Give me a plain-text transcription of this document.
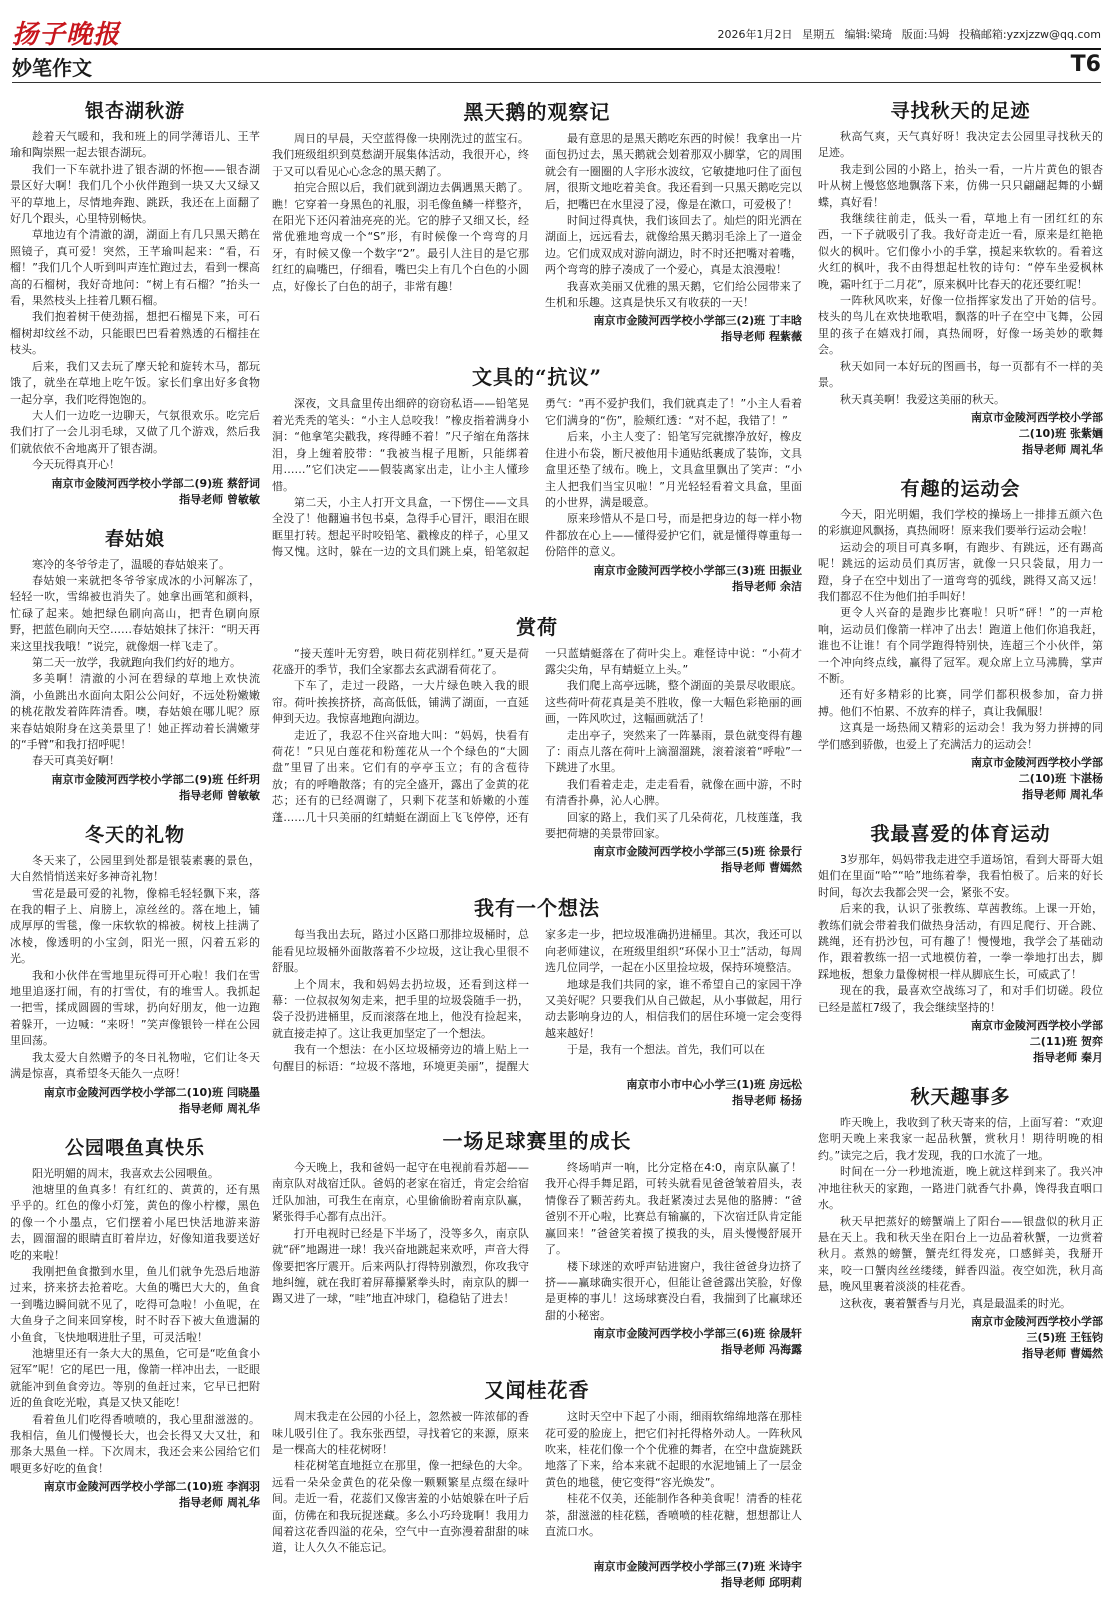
扬子晚报	2026年1月2日 星期五 编辑:梁琦 版面:马姆 投稿邮箱:yzxjzzw@qq.com
妙笔作文	T6
银杏湖秋游

趁着天气暖和，我和班上的同学薄语儿、王芊瑜和陶崇熙一起去银杏湖玩。

我们一下车就扑进了银杏湖的怀抱——银杏湖景区好大啊！我们几个小伙伴跑到一块又大又绿又平的草地上，尽情地奔跑、跳跃，我还在上面翻了好几个跟头，心里特别畅快。

草地边有个清澈的湖，湖面上有几只黑天鹅在照镜子，真可爱！突然，王芊瑜叫起来：“看，石榴！”我们几个人听到叫声连忙跑过去，看到一棵高高的石榴树，我好奇地问：“树上有石榴？”抬头一看，果然枝头上挂着几颗石榴。

我们抱着树干使劲摇，想把石榴晃下来，可石榴树却纹丝不动，只能眼巴巴看着熟透的石榴挂在枝头。

后来，我们又去玩了摩天轮和旋转木马，都玩饿了，就坐在草地上吃午饭。家长们拿出好多食物一起分享，我们吃得饱饱的。

大人们一边吃一边聊天，气氛很欢乐。吃完后我们打了一会儿羽毛球，又做了几个游戏，然后我们就依依不舍地离开了银杏湖。

今天玩得真开心！

南京市金陵河西学校小学部二(9)班 蔡舒词
指导老师 曾敏敏
春姑娘

寒冷的冬爷爷走了，温暖的春姑娘来了。

春姑娘一来就把冬爷爷家成冰的小河解冻了，轻轻一吹，雪绵被也消失了。她拿出画笔和颜料，忙碌了起来。她把绿色刷向高山，把青色刷向原野，把蓝色刷向天空……春姑娘抹了抹汗：“明天再来这里找我哦！”说完，就像烟一样飞走了。

第二天一放学，我就跑向我们约好的地方。

多美啊！清澈的小河在碧绿的草地上欢快流淌，小鱼跳出水面向太阳公公问好，不远处粉嫩嫩的桃花散发着阵阵清香。噢，春姑娘在哪儿呢？原来春姑娘附身在这美景里了！她正挥动着长满嫩芽的“手臂”和我打招呼呢！

春天可真美好啊！

南京市金陵河西学校小学部二(9)班 任纤玥
指导老师 曾敏敏
冬天的礼物

冬天来了，公园里到处都是银装素裹的景色，大自然悄悄送来好多神奇礼物！

雪花是最可爱的礼物，像棉毛轻轻飘下来，落在我的帽子上、肩膀上，凉丝丝的。落在地上，铺成厚厚的雪毯，像一床软软的棉被。树枝上挂满了冰棱，像透明的小宝剑，阳光一照，闪着五彩的光。

我和小伙伴在雪地里玩得可开心啦！我们在雪地里追逐打闹，有的打雪仗，有的堆雪人。我抓起一把雪，揉成圆圆的雪球，扔向好朋友，他一边跑着躲开，一边喊：“来呀！”笑声像银铃一样在公园里回荡。

我太爱大自然赠予的冬日礼物啦，它们让冬天满是惊喜，真希望冬天能久一点呀！

南京市金陵河西学校小学部二(10)班 闫晓墨
指导老师 周礼华
公园喂鱼真快乐

阳光明媚的周末，我喜欢去公园喂鱼。

池塘里的鱼真多！有红红的、黄黄的，还有黑乎乎的。红色的像小灯笼，黄色的像小柠檬，黑色的像一个小墨点，它们摆着小尾巴快活地游来游去，圆溜溜的眼睛直盯着岸边，好像知道我要送好吃的来啦！

我刚把鱼食撒到水里，鱼儿们就争先恐后地游过来，挤来挤去抢着吃。大鱼的嘴巴大大的，鱼食一到嘴边瞬间就不见了，吃得可急啦！小鱼呢，在大鱼身子之间来回穿梭，时不时吞下被大鱼遗漏的小鱼食，飞快地咽进肚子里，可灵活啦！

池塘里还有一条大大的黑鱼，它可是“吃鱼食小冠军”呢！它的尾巴一甩，像箭一样冲出去，一眨眼就能冲到鱼食旁边。等别的鱼赶过来，它早已把附近的鱼食吃光啦，真是又快又能吃！

看着鱼儿们吃得香喷喷的，我心里甜滋滋的。我相信，鱼儿们慢慢长大，也会长得又大又壮，和那条大黑鱼一样。下次周末，我还会来公园给它们喂更多好吃的鱼食！

南京市金陵河西学校小学部二(10)班 李润羽
指导老师 周礼华
黑天鹅的观察记

周日的早晨，天空蓝得像一块刚洗过的蓝宝石。我们班级组织到莫愁湖开展集体活动，我很开心，终于又可以看见心心念念的黑天鹅了。

拍完合照以后，我们就到湖边去偶遇黑天鹅了。瞧！它穿着一身黑色的礼服，羽毛像鱼鳞一样整齐，在阳光下还闪着油亮亮的光。它的脖子又细又长，经常优雅地弯成一个“S”形，有时候像一个弯弯的月牙，有时候又像一个数字“2”。最引人注目的是它那红红的扁嘴巴，仔细看，嘴巴尖上有几个白色的小圆点，好像长了白色的胡子，非常有趣！

最有意思的是黑天鹅吃东西的时候！我拿出一片面包扔过去，黑天鹅就会划着那双小脚掌，它的周围就会有一圈圈的人字形水波纹，它敏捷地叼住了面包屑，很斯文地吃着美食。我还看到一只黑天鹅吃完以后，把嘴巴在水里浸了浸，像是在漱口，可爱极了！

时间过得真快，我们该回去了。灿烂的阳光洒在湖面上，远远看去，就像给黑天鹅羽毛涂上了一道金边。它们成双成对游向湖边，时不时还把嘴对着嘴，两个弯弯的脖子凑成了一个爱心，真是太浪漫啦！

我喜欢美丽又优雅的黑天鹅，它们给公园带来了生机和乐趣。这真是快乐又有收获的一天！

南京市金陵河西学校小学部三(2)班 丁丰晗
指导老师 程紫薇
文具的“抗议”

深夜，文具盒里传出细碎的窃窃私语——铅笔晃着光秃秃的笔头：“小主人总咬我！”橡皮指着满身小洞：“他拿笔尖戳我，疼得睡不着！”尺子缩在角落抹泪，身上缠着胶带：“我被当棍子甩断，只能绑着用……”它们决定——假装离家出走，让小主人懂珍惜。

第二天，小主人打开文具盒，一下愣住——文具全没了！他翻遍书包书桌，急得手心冒汗，眼泪在眼眶里打转。想起平时咬铅笔、戳橡皮的样子，心里又悔又愧。这时，躲在一边的文具们跳上桌，铅笔叙起勇气：“再不爱护我们，我们就真走了！”小主人看着它们满身的“伤”，脸颊红透：“对不起，我错了！”

后来，小主人变了：铅笔写完就擦净放好，橡皮住进小布袋，断尺被他用卡通贴纸裹成了装饰，文具盒里还垫了绒布。晚上，文具盒里飘出了笑声：“小主人把我们当宝贝啦！”月光轻轻看着文具盒，里面的小世界，满是暖意。

原来珍惜从不是口号，而是把身边的每一样小物件都放在心上——懂得爱护它们，就是懂得尊重每一份陪伴的意义。

南京市金陵河西学校小学部三(3)班 田振业
指导老师 余洁
赏荷

“接天莲叶无穷碧，映日荷花别样红。”夏天是荷花盛开的季节，我们全家都去玄武湖看荷花了。

下车了，走过一段路，一大片绿色映入我的眼帘。荷叶挨挨挤挤，高高低低，铺满了湖面，一直延伸到天边。我惊喜地跑向湖边。

走近了，我忍不住兴奋地大叫：“妈妈，快看有荷花！”只见白莲花和粉莲花从一个个绿色的“大圆盘”里冒了出来。它们有的亭亭玉立；有的含苞待放；有的呼噜散落；有的完全盛开，露出了金黄的花芯；还有的已经凋谢了，只剩下花茎和娇嫩的小莲蓬……几十只美丽的红蜻蜓在湖面上飞飞停停，还有一只蓝蜻蜓落在了荷叶尖上。难怪诗中说：“小荷才露尖尖角，早有蜻蜓立上头。”

我们爬上高亭远眺，整个湖面的美景尽收眼底。这些荷叶荷花真是美不胜收，像一大幅色彩艳丽的画画，一阵风吹过，这幅画就活了！

走出亭子，突然来了一阵暴雨，景色就变得有趣了：雨点儿落在荷叶上滴溜溜跳，滚着滚着“呼啦”一下跳进了水里。

我们看着走走，走走看看，就像在画中游，不时有清香扑鼻，沁人心脾。

回家的路上，我们买了几朵荷花，几枝莲蓬，我要把荷塘的美景带回家。

南京市金陵河西学校小学部三(5)班 徐景行
指导老师 曹嫣然
我有一个想法

每当我出去玩，路过小区路口那排垃圾桶时，总能看见垃圾桶外面散落着不少垃圾，这让我心里很不舒服。

上个周末，我和妈妈去扔垃圾，还看到这样一幕：一位叔叔匆匆走来，把手里的垃圾袋随手一扔，袋子没扔进桶里，反而滚落在地上，他没有捡起来，就直接走掉了。这让我更加坚定了一个想法。

我有一个想法：在小区垃圾桶旁边的墙上贴上一句醒目的标语：“垃圾不落地，环境更美丽”，提醒大家多走一步，把垃圾准确扔进桶里。其次，我还可以向老师建议，在班级里组织“环保小卫士”活动，每周选几位同学，一起在小区里捡垃圾，保持环境整洁。

地球是我们共同的家，谁不希望自己的家园干净又美好呢？只要我们从自己做起，从小事做起，用行动去影响身边的人，相信我们的居住环境一定会变得越来越好！

于是，我有一个想法。首先，我们可以在

南京市小市中心小学三(1)班 房远松
指导老师 杨扬
一场足球赛里的成长

今天晚上，我和爸妈一起守在电视前看苏超——南京队对战宿迁队。爸妈的老家在宿迁，肯定会给宿迁队加油，可我生在南京，心里偷偷盼着南京队赢，紧张得手心都有点出汗。

打开电视时已经是下半场了，没等多久，南京队就“砰”地踢进一球！我兴奋地跳起来欢呼，声音大得像要把客厅震开。后来两队打得特别激烈，你攻我守地纠缠，就在我盯着屏幕攥紧拳头时，南京队的脚一踢又进了一球，“哇”地直冲球门，稳稳钻了进去！

终场哨声一响，比分定格在4:0，南京队赢了！我开心得手舞足蹈，可转头就看见爸爸皱着眉头，表情像吞了颗苦药丸。我赶紧凑过去晃他的胳膊：“爸爸别不开心啦，比赛总有输赢的，下次宿迁队肯定能赢回来！”爸爸笑着摸了摸我的头，眉头慢慢舒展开了。

楼下球迷的欢呼声钻进窗户，我往爸爸身边挤了挤——赢球确实很开心，但能让爸爸露出笑脸，好像是更棒的事儿！这场球赛没白看，我揣到了比赢球还甜的小秘密。

南京市金陵河西学校小学部三(6)班 徐晟轩
指导老师 冯海露
又闻桂花香

周末我走在公园的小径上，忽然被一阵浓郁的香味儿吸引住了。我东张西望，寻找着它的来源，原来是一棵高大的桂花树呀！

桂花树笔直地挺立在那里，像一把绿色的大伞。远看一朵朵金黄色的花朵像一颗颗繁星点缀在绿叶间。走近一看，花蕊们又像害羞的小姑娘躲在叶子后面，仿佛在和我玩捉迷藏。多么小巧玲珑啊！我用力闻着这花香四溢的花朵，空气中一直弥漫着甜甜的味道，让人久久不能忘记。

这时天空中下起了小雨，细雨软绵绵地落在那桂花可爱的脸庞上，把它们衬托得格外动人。一阵秋风吹来，桂花们像一个个优雅的舞者，在空中盘旋跳跃地落了下来，给本来就不起眼的水泥地铺上了一层金黄色的地毯，使它变得“容光焕发”。

桂花不仅美，还能制作各种美食呢！清香的桂花茶，甜滋滋的桂花糕，香喷喷的桂花糖，想想都让人直流口水。

南京市金陵河西学校小学部三(7)班 米诗宇
指导老师 邱明莉
寻找秋天的足迹

秋高气爽，天气真好呀！我决定去公园里寻找秋天的足迹。

我走到公园的小路上，抬头一看，一片片黄色的银杏叶从树上慢悠悠地飘落下来，仿佛一只只翩翩起舞的小蝴蝶，真好看！

我继续往前走，低头一看，草地上有一团红红的东西，一下子就吸引了我。我好奇走近一看，原来是红艳艳似火的枫叶。它们像小小的手掌，摸起来软软的。看着这火红的枫叶，我不由得想起杜牧的诗句：“停车坐爱枫林晚，霜叶红于二月花”，原来枫叶比春天的花还要红呢！

一阵秋风吹来，好像一位指挥家发出了开始的信号。枝头的鸟儿在欢快地歌唱，飘落的叶子在空中飞舞，公园里的孩子在嬉戏打闹，真热闹呀，好像一场美妙的歌舞会。

秋天如同一本好玩的图画书，每一页都有不一样的美景。

秋天真美啊！我爱这美丽的秋天。

南京市金陵河西学校小学部
二(10)班 张紫婳
指导老师 周礼华
有趣的运动会

今天，阳光明媚，我们学校的操场上一排排五颜六色的彩旗迎风飘扬，真热闹呀！原来我们要举行运动会啦！

运动会的项目可真多啊，有跑步、有跳远，还有踢高呢！跳远的运动员们真厉害，就像一只只袋鼠，用力一蹬，身子在空中划出了一道弯弯的弧线，跳得又高又远！我们都忍不住为他们拍手叫好！

更令人兴奋的是跑步比赛啦！只听“砰！”的一声枪响，运动员们像箭一样冲了出去！跑道上他们你追我赶，谁也不让谁！有个同学跑得特别快，连超三个小伙伴，第一个冲向终点线，赢得了冠军。观众席上立马沸腾，掌声不断。

还有好多精彩的比赛，同学们都积极参加，奋力拼搏。他们不怕累、不放弃的样子，真让我佩服！

这真是一场热闹又精彩的运动会！我为努力拼搏的同学们感到骄傲，也爱上了充满活力的运动会！

南京市金陵河西学校小学部
二(10)班 卞湛杨
指导老师 周礼华
我最喜爱的体育运动

3岁那年，妈妈带我走进空手道场馆，看到大哥哥大姐姐们在里面“哈”“哈”地练着拳，我看怕极了。后来的好长时间，每次去我都会哭一会，紧张不安。

后来的我，认识了张教练、草茜教练。上课一开始，教练们就会带着我们做热身活动，有四足爬行、开合跳、跳绳，还有扔沙包，可有趣了！慢慢地，我学会了基础动作，跟着教练一招一式地模仿着，一拳一拳地打出去，脚踩地板，想象力量像树根一样从脚底生长，可威武了！

现在的我，最喜欢空战练习了，和对手们切磋。段位已经是蓝杠7级了，我会继续坚持的！

南京市金陵河西学校小学部
二(11)班 贺弈
指导老师 秦月
秋天趣事多

昨天晚上，我收到了秋天寄来的信，上面写着：“欢迎您明天晚上来我家一起品秋蟹，赏秋月！期待明晚的相约。”读完之后，我才发现，我的口水流了一地。

时间在一分一秒地流逝，晚上就这样到来了。我兴冲冲地往秋天的家跑，一路进门就香气扑鼻，馋得我直咽口水。

秋天早把蒸好的螃蟹端上了阳台——银盘似的秋月正悬在天上。我和秋天坐在阳台上一边品着秋蟹，一边赏着秋月。煮熟的螃蟹，蟹壳红得发亮，口感鲜美，我掰开来，咬一口蟹肉丝丝缕缕，鲜香四溢。夜空如洗，秋月高悬，晚风里裹着淡淡的桂花香。

这秋夜，裹着蟹香与月光，真是最温柔的时光。

南京市金陵河西学校小学部
三(5)班 王钰钧
指导老师 曹嫣然
